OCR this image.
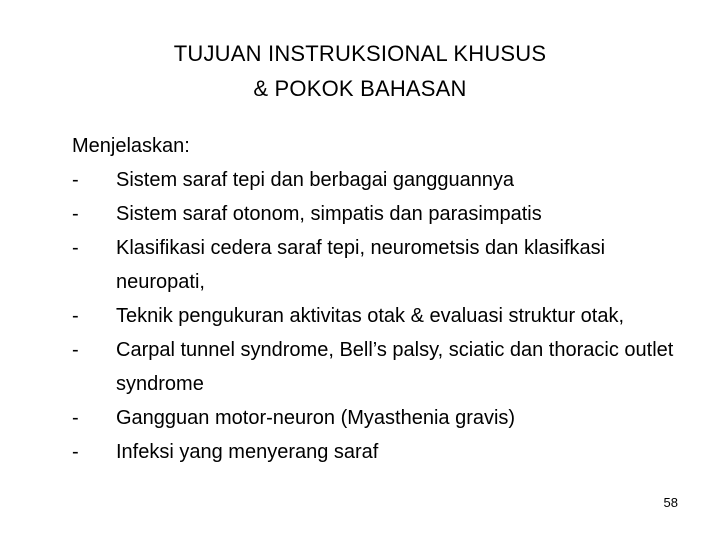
TUJUAN INSTRUKSIONAL KHUSUS
& POKOK BAHASAN
Menjelaskan:
- Sistem saraf tepi dan berbagai gangguannya
- Sistem saraf otonom, simpatis dan parasimpatis
- Klasifikasi cedera saraf tepi, neurometsis dan klasifkasi neuropati,
- Teknik pengukuran aktivitas otak & evaluasi struktur otak,
- Carpal tunnel syndrome, Bell’s palsy, sciatic dan thoracic outlet syndrome
- Gangguan motor-neuron (Myasthenia gravis)
- Infeksi yang menyerang saraf
58
